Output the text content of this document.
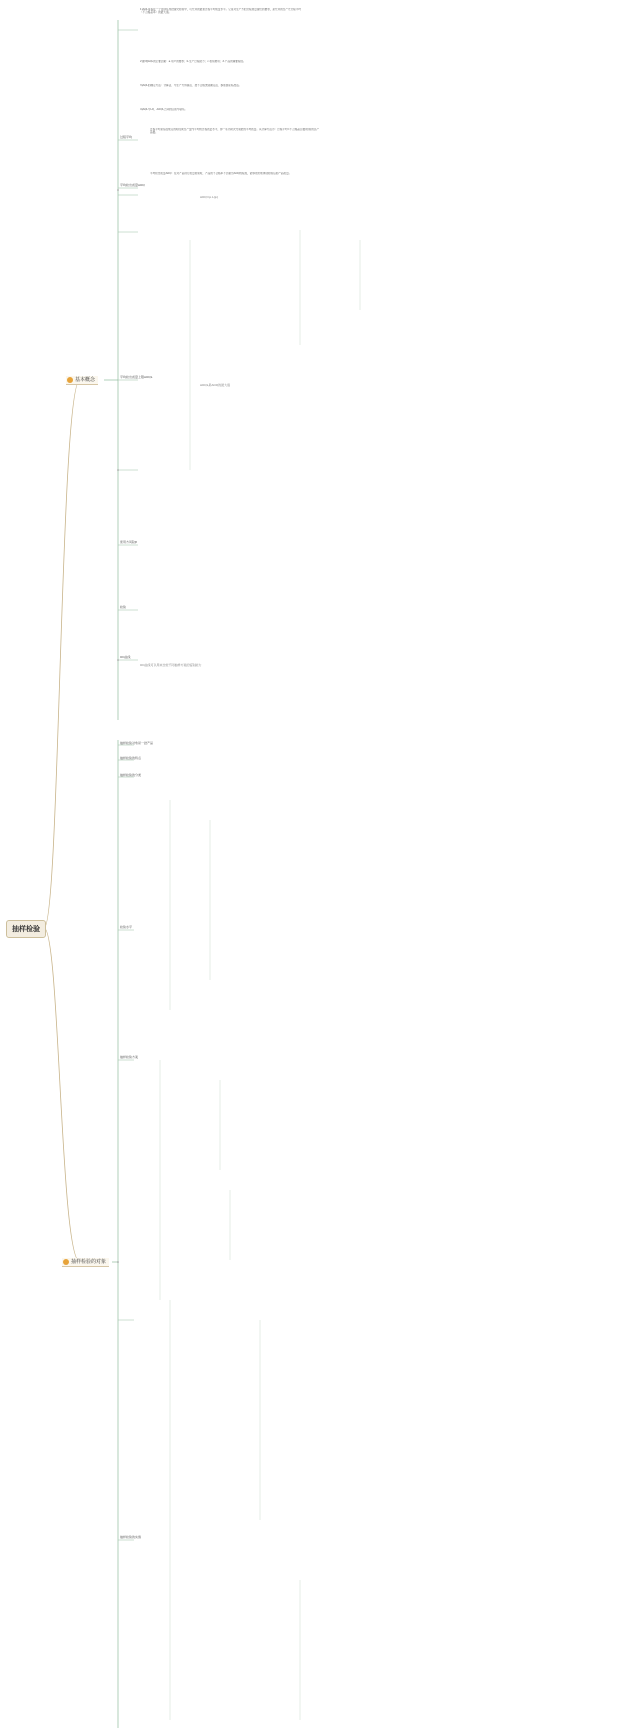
抽样检验
基本概念
抽样检验的对象
过程平均
平均检出质量AOQ
平均检出质量上限AOQL
使用方风险β
检验
OC曲线
抽样检验对象是一批产品
抽样检验的特点
抽样检验的分类
检验水平
抽样检验方案
抽样检验的实施
1)AQL是指在一个连续系列批提交检验中，可允许的最差过程平均质量水平。它是对生产方的过程质量提出的要求，是允许的生产方过程平均（不合格品率）的最大值。
2)影响AQL的主要因素：a.用户的要求；b.生产过程能力；c.检验费用；d.产品的重要程度。
3)AQL的确定方法：计算法、与生产方协商法、按不合格类别确定法、参照国家标准法。
4)AQL与LQ、AOQL之间的区别与联系。
过程平均是指在规定的时段或生产量内平均的过程质量水平，即一系列初次交验批的平均质量。其计算方法为：过程平均=不合格品总数/检验的总产品数。
平均检出质量AOQ：在对产品进行质量检验时，产品的不合格率不会超出AOQ的程度，能够很好地体现检验后的产品质量。
AOQ=p·L(p)
AOQL是AOQ的最大值
OC曲线可以用来比较不同抽样方案的鉴别能力
